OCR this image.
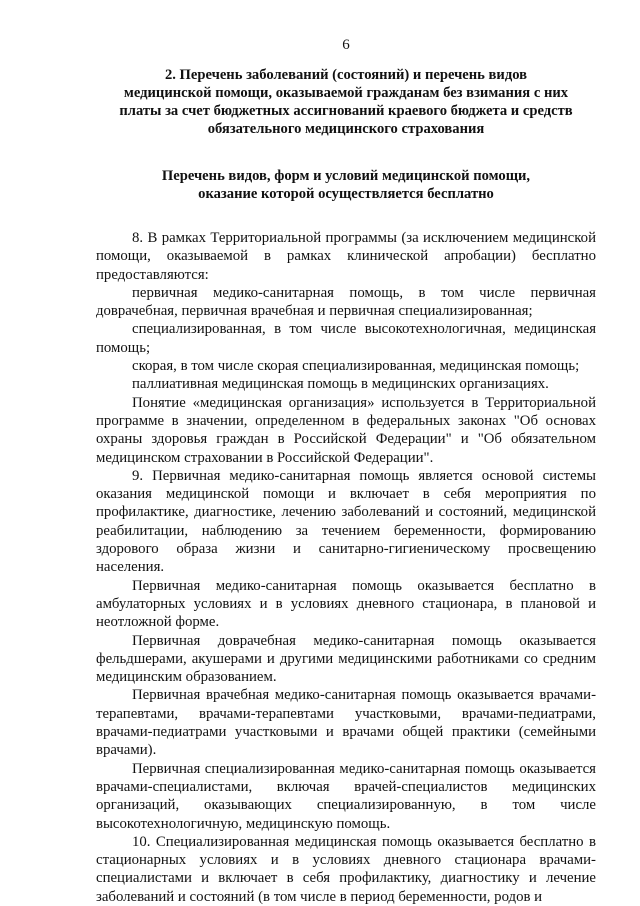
6
2. Перечень заболеваний (состояний) и перечень видов
медицинской помощи, оказываемой гражданам без взимания с них
платы за счет бюджетных ассигнований краевого бюджета и средств
обязательного медицинского страхования
Перечень видов, форм и условий медицинской помощи,
оказание которой осуществляется бесплатно

8. В рамках Территориальной программы (за исключением медицинской помощи, оказываемой в рамках клинической апробации) бесплатно предоставляются:

первичная медико-санитарная помощь, в том числе первичная доврачебная, первичная врачебная и первичная специализированная;

специализированная, в том числе высокотехнологичная, медицинская помощь;

скорая, в том числе скорая специализированная, медицинская помощь;

паллиативная медицинская помощь в медицинских организациях.

Понятие «медицинская организация» используется в Территориальной программе в значении, определенном в федеральных законах "Об основах охраны здоровья граждан в Российской Федерации" и "Об обязательном медицинском страховании в Российской Федерации".

9. Первичная медико-санитарная помощь является основой системы оказания медицинской помощи и включает в себя мероприятия по профилактике, диагностике, лечению заболеваний и состояний, медицинской реабилитации, наблюдению за течением беременности, формированию здорового образа жизни и санитарно-гигиеническому просвещению населения.

Первичная медико-санитарная помощь оказывается бесплатно в амбулаторных условиях и в условиях дневного стационара, в плановой и неотложной форме.

Первичная доврачебная медико-санитарная помощь оказывается фельдшерами, акушерами и другими медицинскими работниками со средним медицинским образованием.

Первичная врачебная медико-санитарная помощь оказывается врачами-терапевтами, врачами-терапевтами участковыми, врачами-педиатрами, врачами-педиатрами участковыми и врачами общей практики (семейными врачами).

Первичная специализированная медико-санитарная помощь оказывается врачами-специалистами, включая врачей-специалистов медицинских организаций, оказывающих специализированную, в том числе высокотехнологичную, медицинскую помощь.

10. Специализированная медицинская помощь оказывается бесплатно в стационарных условиях и в условиях дневного стационара врачами-специалистами и включает в себя профилактику, диагностику и лечение заболеваний и состояний (в том числе в период беременности, родов и
